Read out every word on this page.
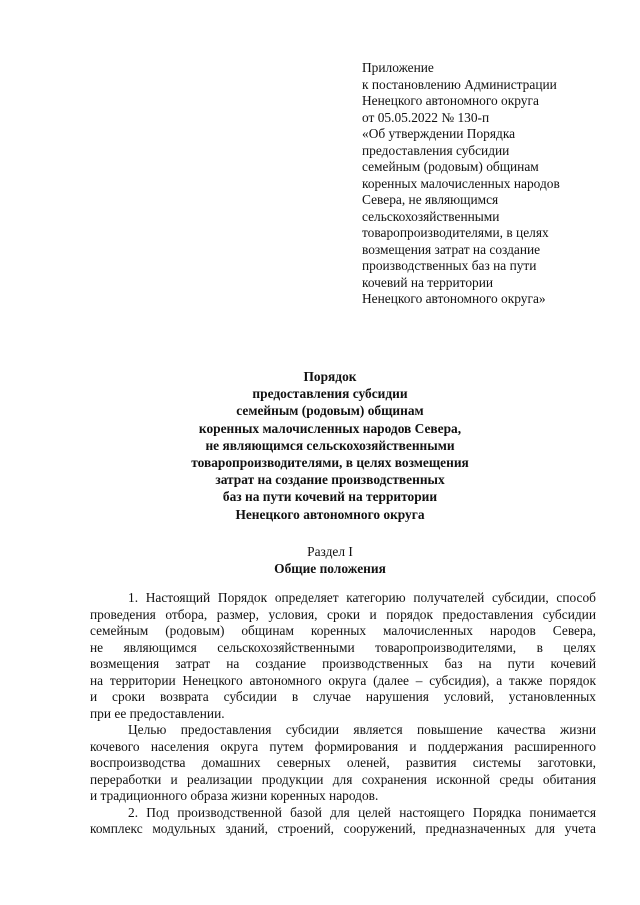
Приложение
к постановлению Администрации
Ненецкого автономного округа
от 05.05.2022 № 130-п
«Об утверждении Порядка
предоставления субсидии
семейным (родовым) общинам
коренных малочисленных народов
Севера, не являющимся
сельскохозяйственными
товаропроизводителями, в целях
возмещения затрат на создание
производственных баз на пути
кочевий на территории
Ненецкого автономного округа»
Порядок
предоставления субсидии
семейным (родовым) общинам
коренных малочисленных народов Севера,
не являющимся сельскохозяйственными
товаропроизводителями, в целях возмещения
затрат на создание производственных
баз на пути кочевий на территории
Ненецкого автономного округа
Раздел I
Общие положения
1. Настоящий Порядок определяет категорию получателей субсидии, способ
проведения отбора, размер, условия, сроки и порядок предоставления субсидии
семейным (родовым) общинам коренных малочисленных народов Севера,
не являющимся сельскохозяйственными товаропроизводителями, в целях
возмещения затрат на создание производственных баз на пути кочевий
на территории Ненецкого автономного округа (далее – субсидия), а также порядок
и сроки возврата субсидии в случае нарушения условий, установленных
при ее предоставлении.
Целью предоставления субсидии является повышение качества жизни
кочевого населения округа путем формирования и поддержания расширенного
воспроизводства домашних северных оленей, развития системы заготовки,
переработки и реализации продукции для сохранения исконной среды обитания
и традиционного образа жизни коренных народов.
2. Под производственной базой для целей настоящего Порядка понимается
комплекс модульных зданий, строений, сооружений, предназначенных для учета
